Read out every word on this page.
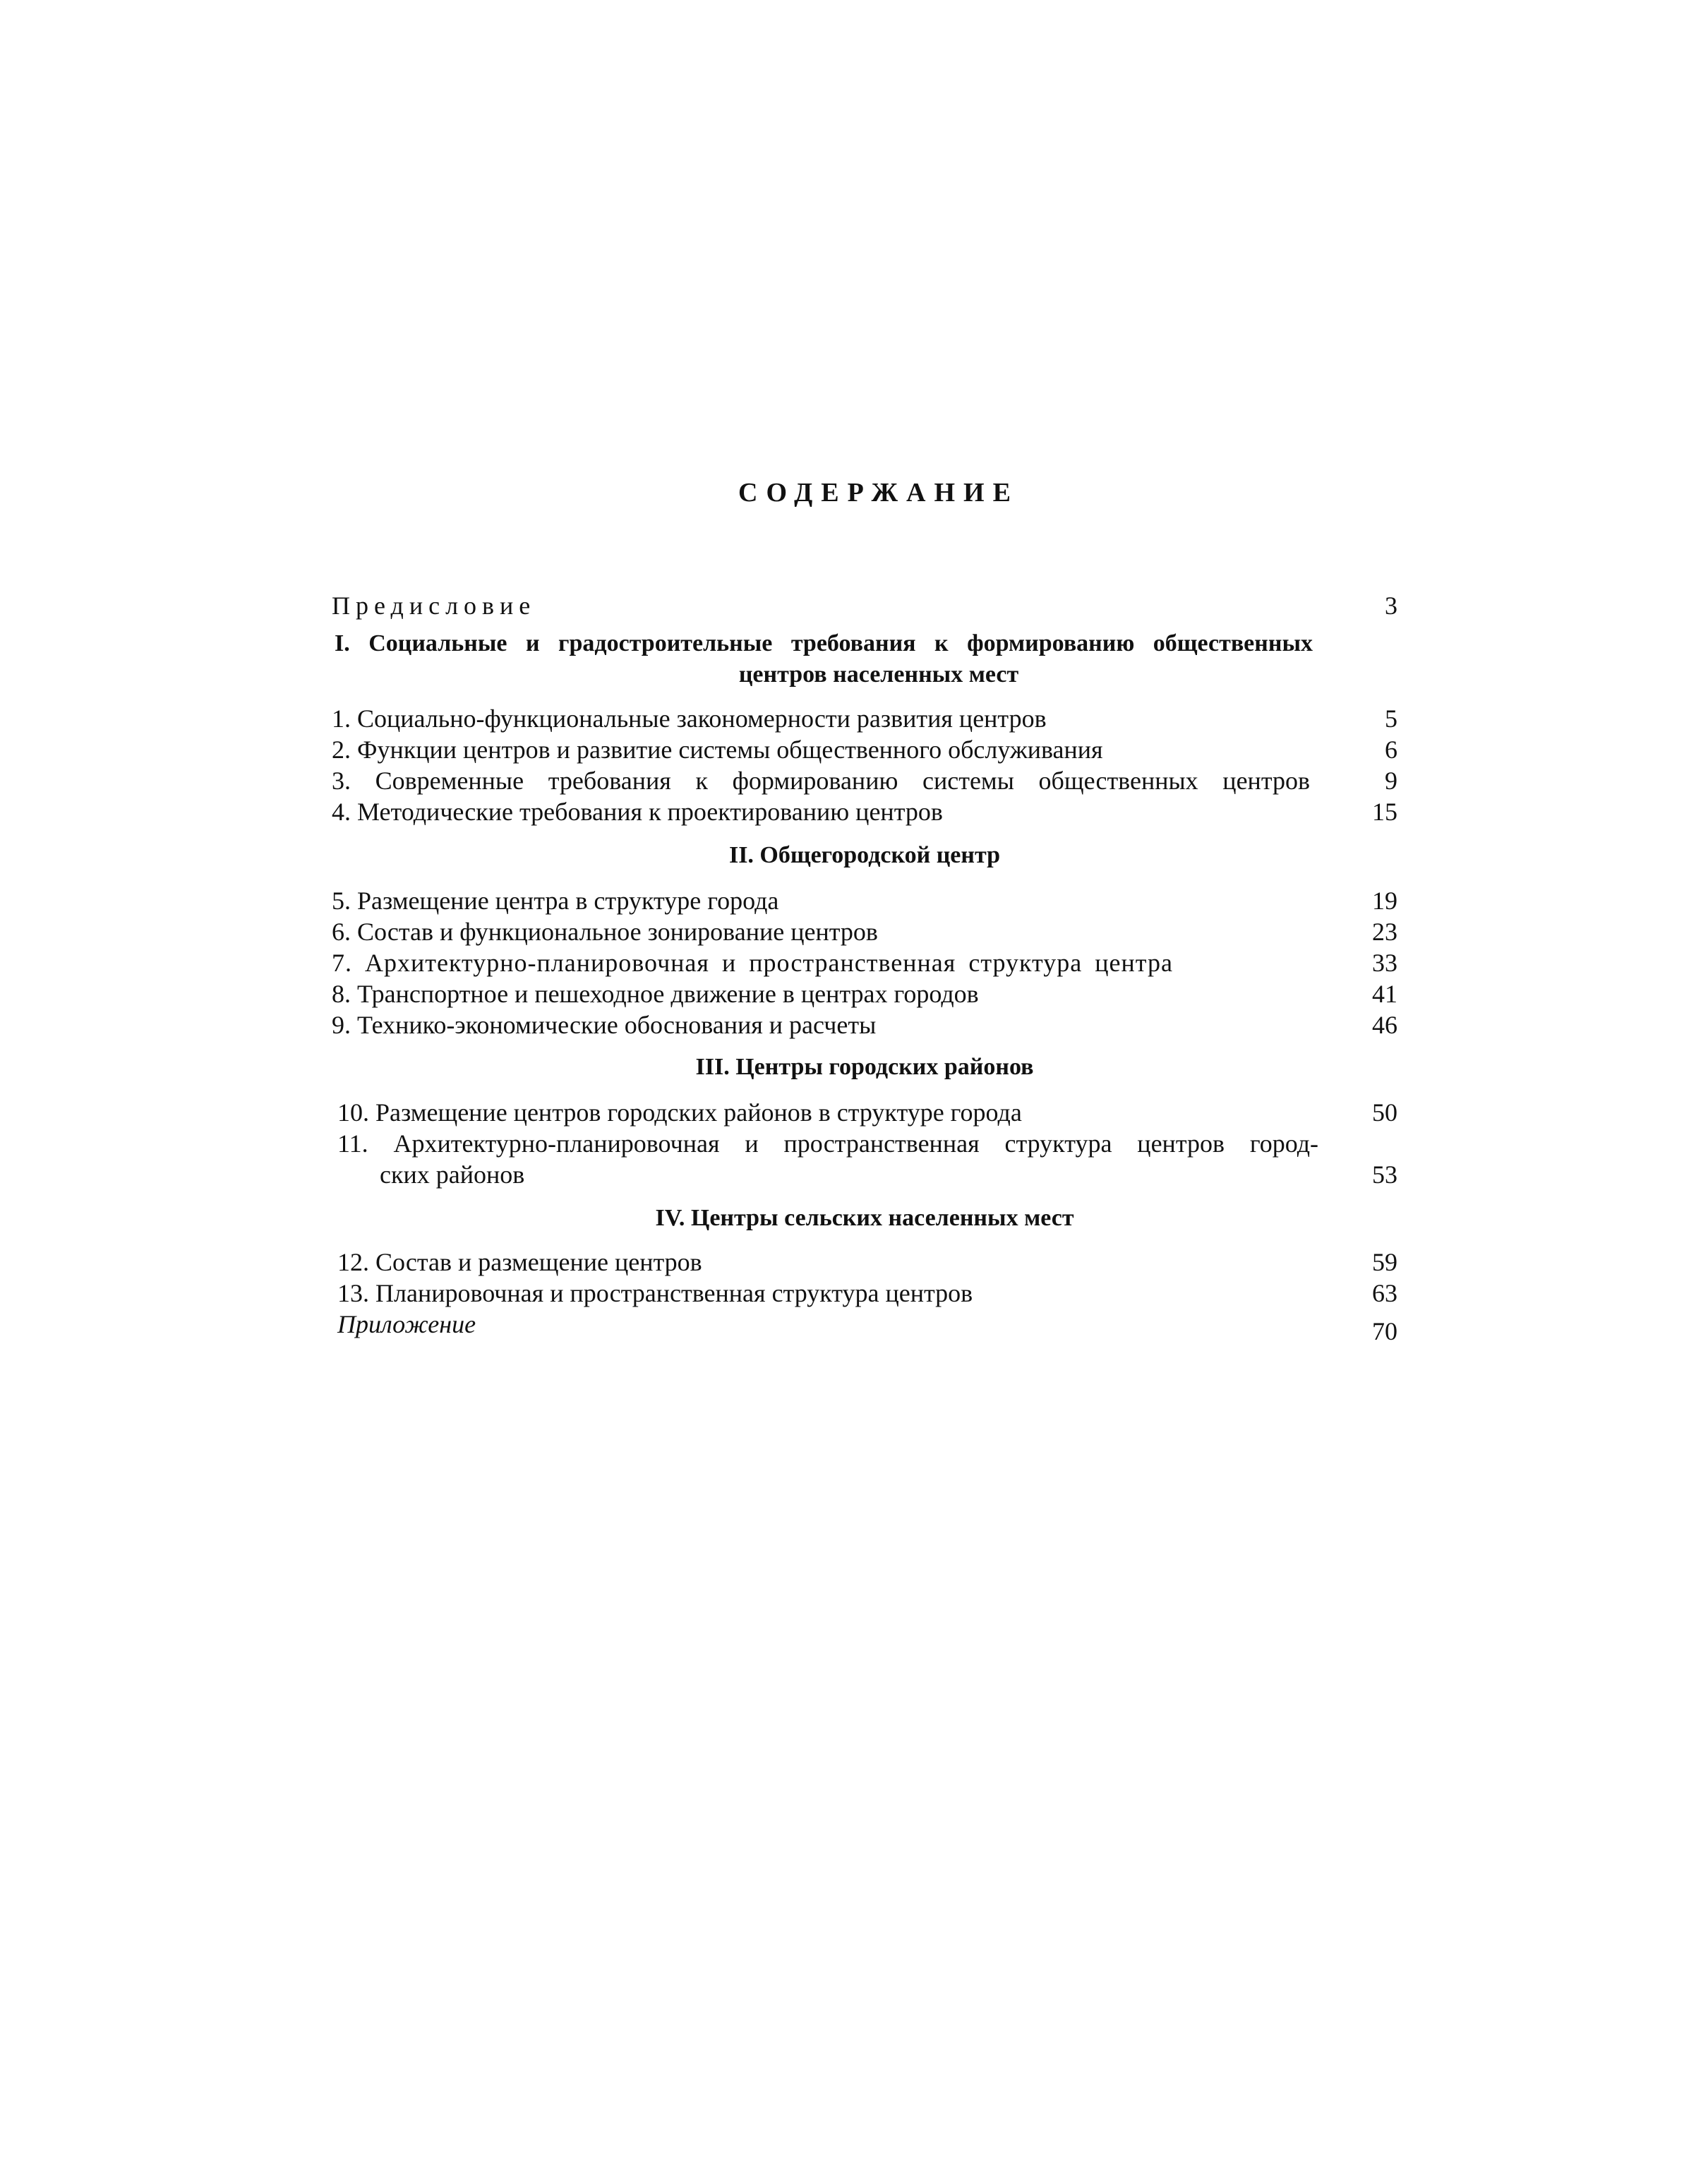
СОДЕРЖАНИЕ
Предисловие	3
I. Социальные и градостроительные требования к формированию общественных
центров населенных мест
1. Социально-функциональные закономерности развития центров	5
2. Функции центров и развитие системы общественного обслуживания	6
3. Современные требования к формированию системы общественных центров	9
4. Методические требования к проектированию центров	15
II. Общегородской центр
5. Размещение центра в структуре города	19
6. Состав и функциональное зонирование центров	23
7. Архитектурно-планировочная и пространственная структура центра	33
8. Транспортное и пешеходное движение в центрах городов	41
9. Технико-экономические обоснования и расчеты	46
III. Центры городских районов
10. Размещение центров городских районов в структуре города	50
11. Архитектурно-планировочная и пространственная структура центров город-
ских районов	53
IV. Центры сельских населенных мест
12. Состав и размещение центров	59
13. Планировочная и пространственная структура центров	63
Приложение	70
